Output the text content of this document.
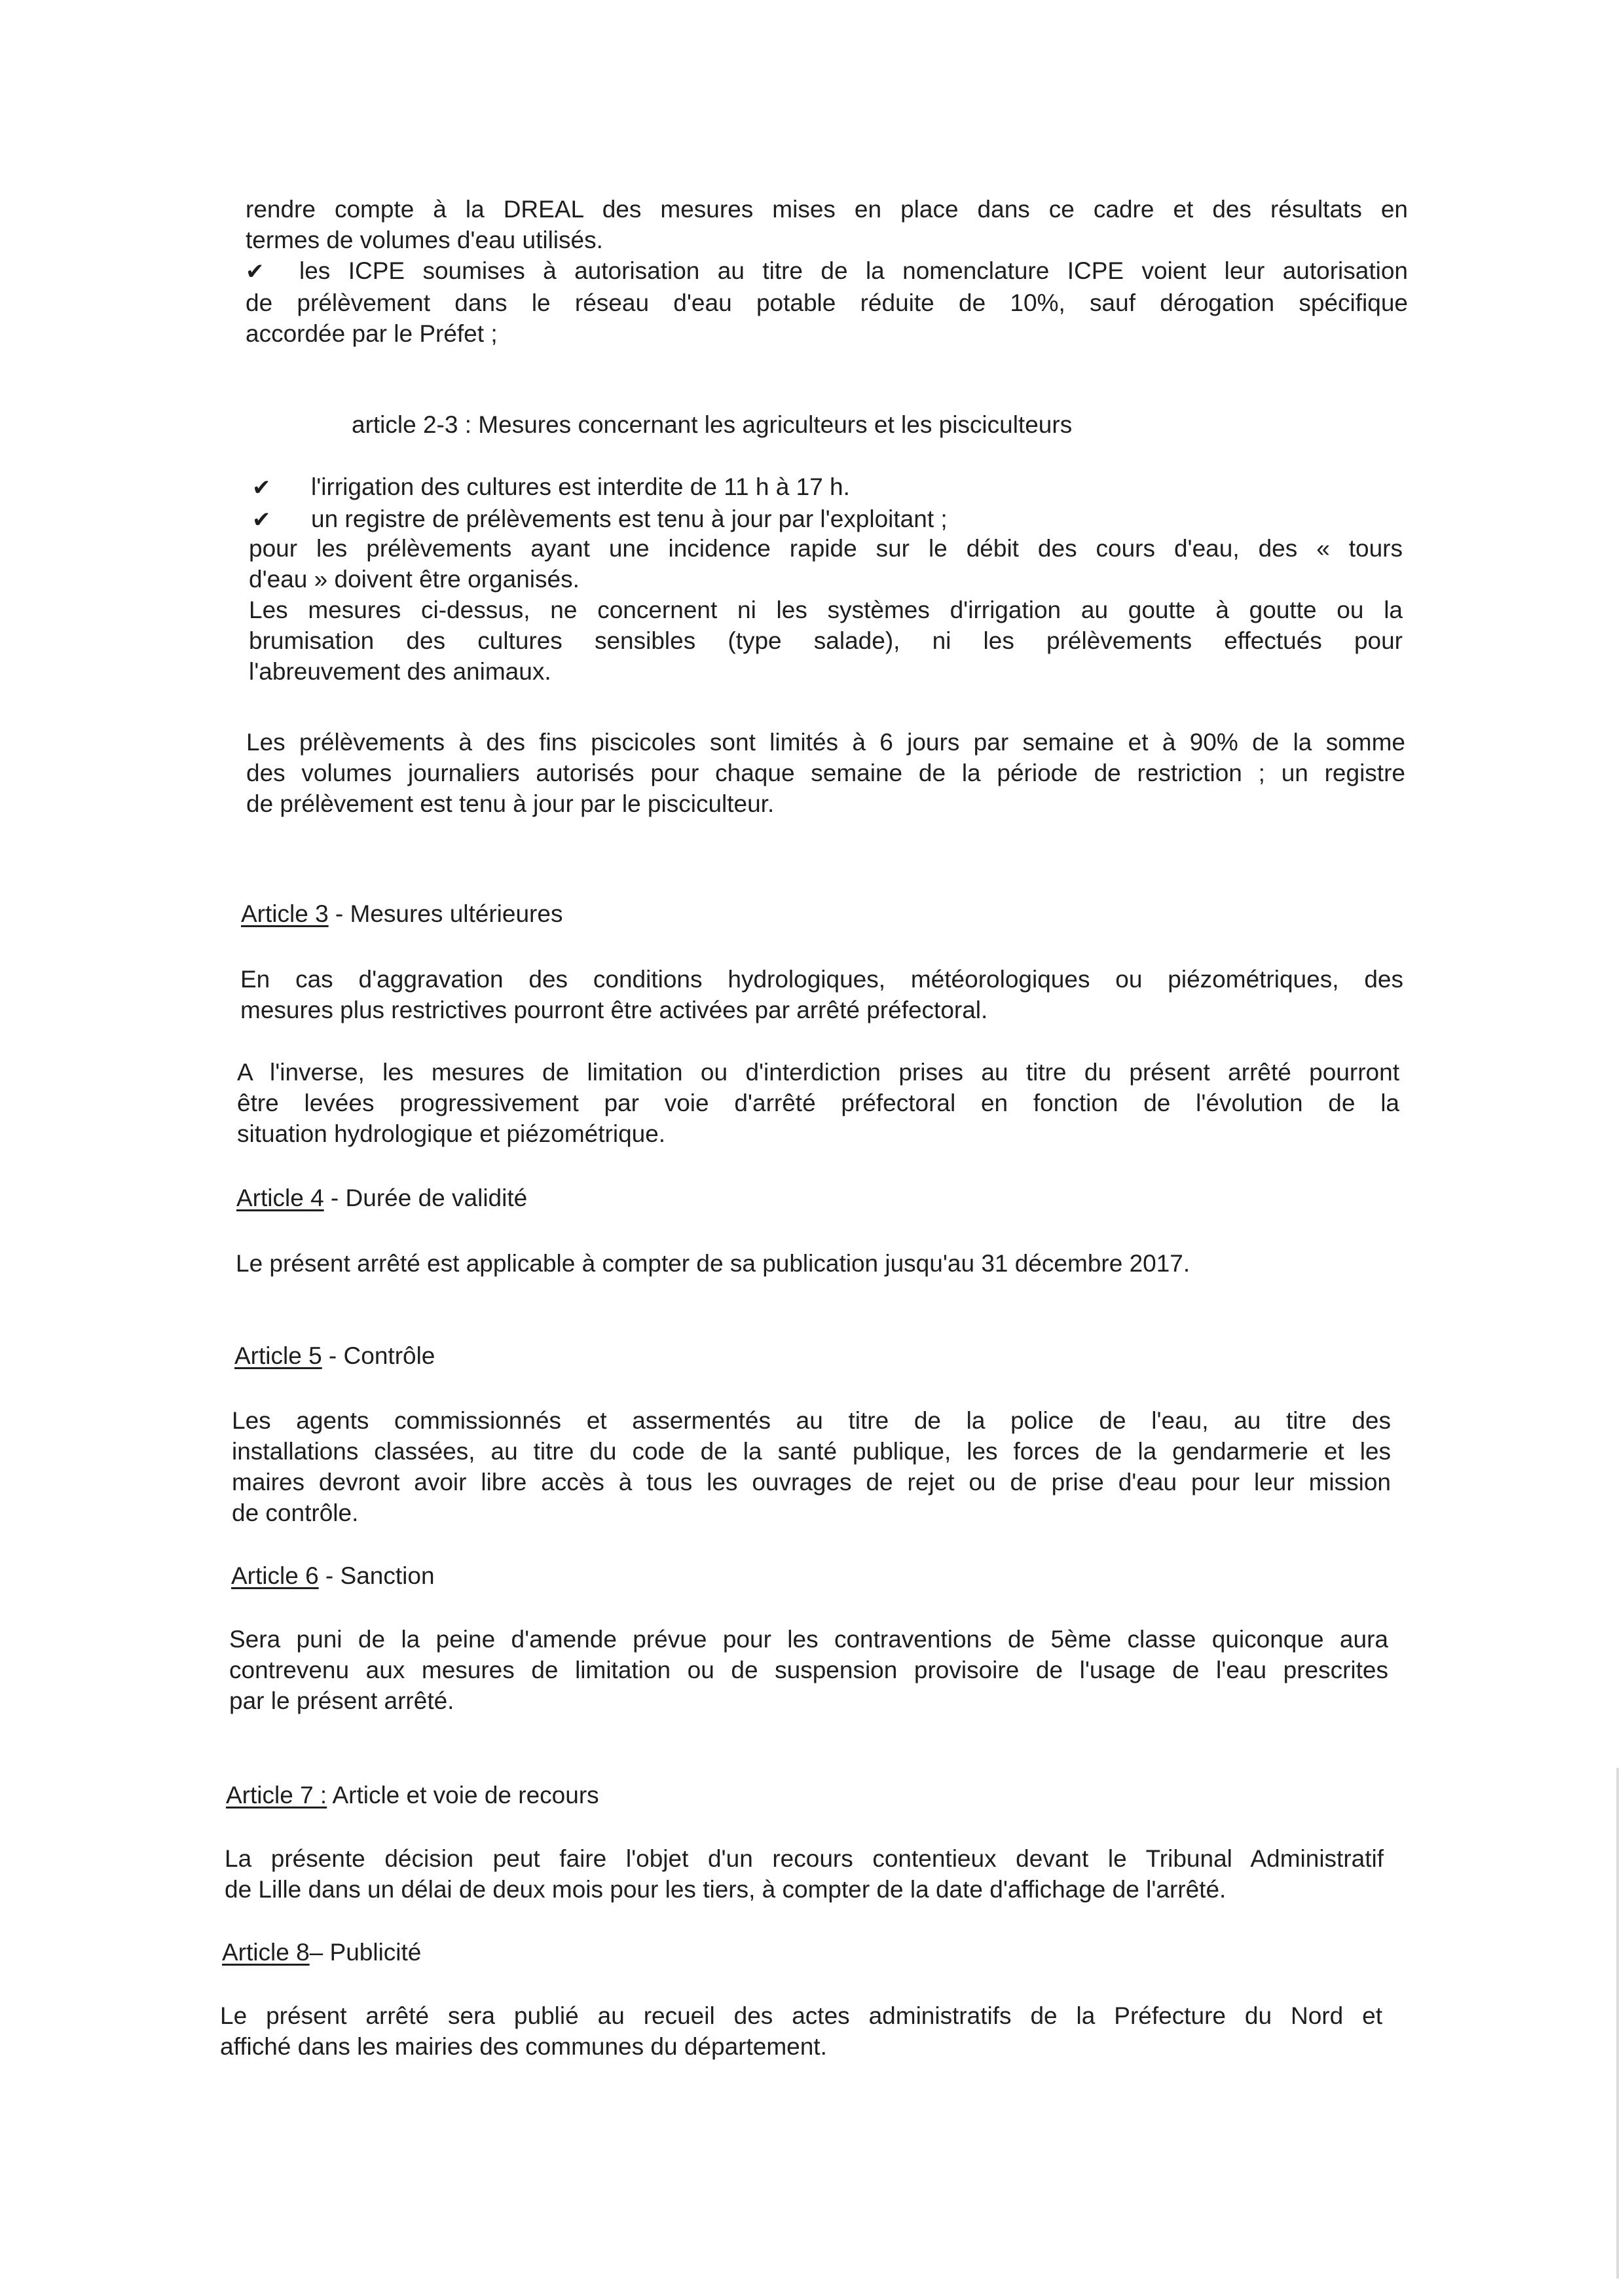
rendre compte à la DREAL des mesures mises en place dans ce cadre et des résultats en
termes de volumes d'eau utilisés.
✔ les ICPE soumises à autorisation au titre de la nomenclature ICPE voient leur autorisation
de prélèvement dans le réseau d'eau potable réduite de 10%, sauf dérogation spécifique
accordée par le Préfet ;
article 2-3 : Mesures concernant les agriculteurs et les pisciculteurs
✔ l'irrigation des cultures est interdite de 11 h à 17 h.
✔ un registre de prélèvements est tenu à jour par l'exploitant ;
pour les prélèvements ayant une incidence rapide sur le débit des cours d'eau, des « tours
d'eau » doivent être organisés.
Les mesures ci-dessus, ne concernent ni les systèmes d'irrigation au goutte à goutte ou la
brumisation des cultures sensibles (type salade), ni les prélèvements effectués pour
l'abreuvement des animaux.
Les prélèvements à des fins piscicoles sont limités à 6 jours par semaine et à 90% de la somme
des volumes journaliers autorisés pour chaque semaine de la période de restriction ; un registre
de prélèvement est tenu à jour par le pisciculteur.
Article 3 - Mesures ultérieures
En cas d'aggravation des conditions hydrologiques, météorologiques ou piézométriques, des
mesures plus restrictives pourront être activées par arrêté préfectoral.
A l'inverse, les mesures de limitation ou d'interdiction prises au titre du présent arrêté pourront
être levées progressivement par voie d'arrêté préfectoral en fonction de l'évolution de la
situation hydrologique et piézométrique.
Article 4 - Durée de validité
Le présent arrêté est applicable à compter de sa publication jusqu'au 31 décembre 2017.
Article 5 - Contrôle
Les agents commissionnés et assermentés au titre de la police de l'eau, au titre des
installations classées, au titre du code de la santé publique, les forces de la gendarmerie et les
maires devront avoir libre accès à tous les ouvrages de rejet ou de prise d'eau pour leur mission
de contrôle.
Article 6 - Sanction
Sera puni de la peine d'amende prévue pour les contraventions de 5ème classe quiconque aura
contrevenu aux mesures de limitation ou de suspension provisoire de l'usage de l'eau prescrites
par le présent arrêté.
Article 7 : Article et voie de recours
La présente décision peut faire l'objet d'un recours contentieux devant le Tribunal Administratif
de Lille dans un délai de deux mois pour les tiers, à compter de la date d'affichage de l'arrêté.
Article 8– Publicité
Le présent arrêté sera publié au recueil des actes administratifs de la Préfecture du Nord et
affiché dans les mairies des communes du département.
